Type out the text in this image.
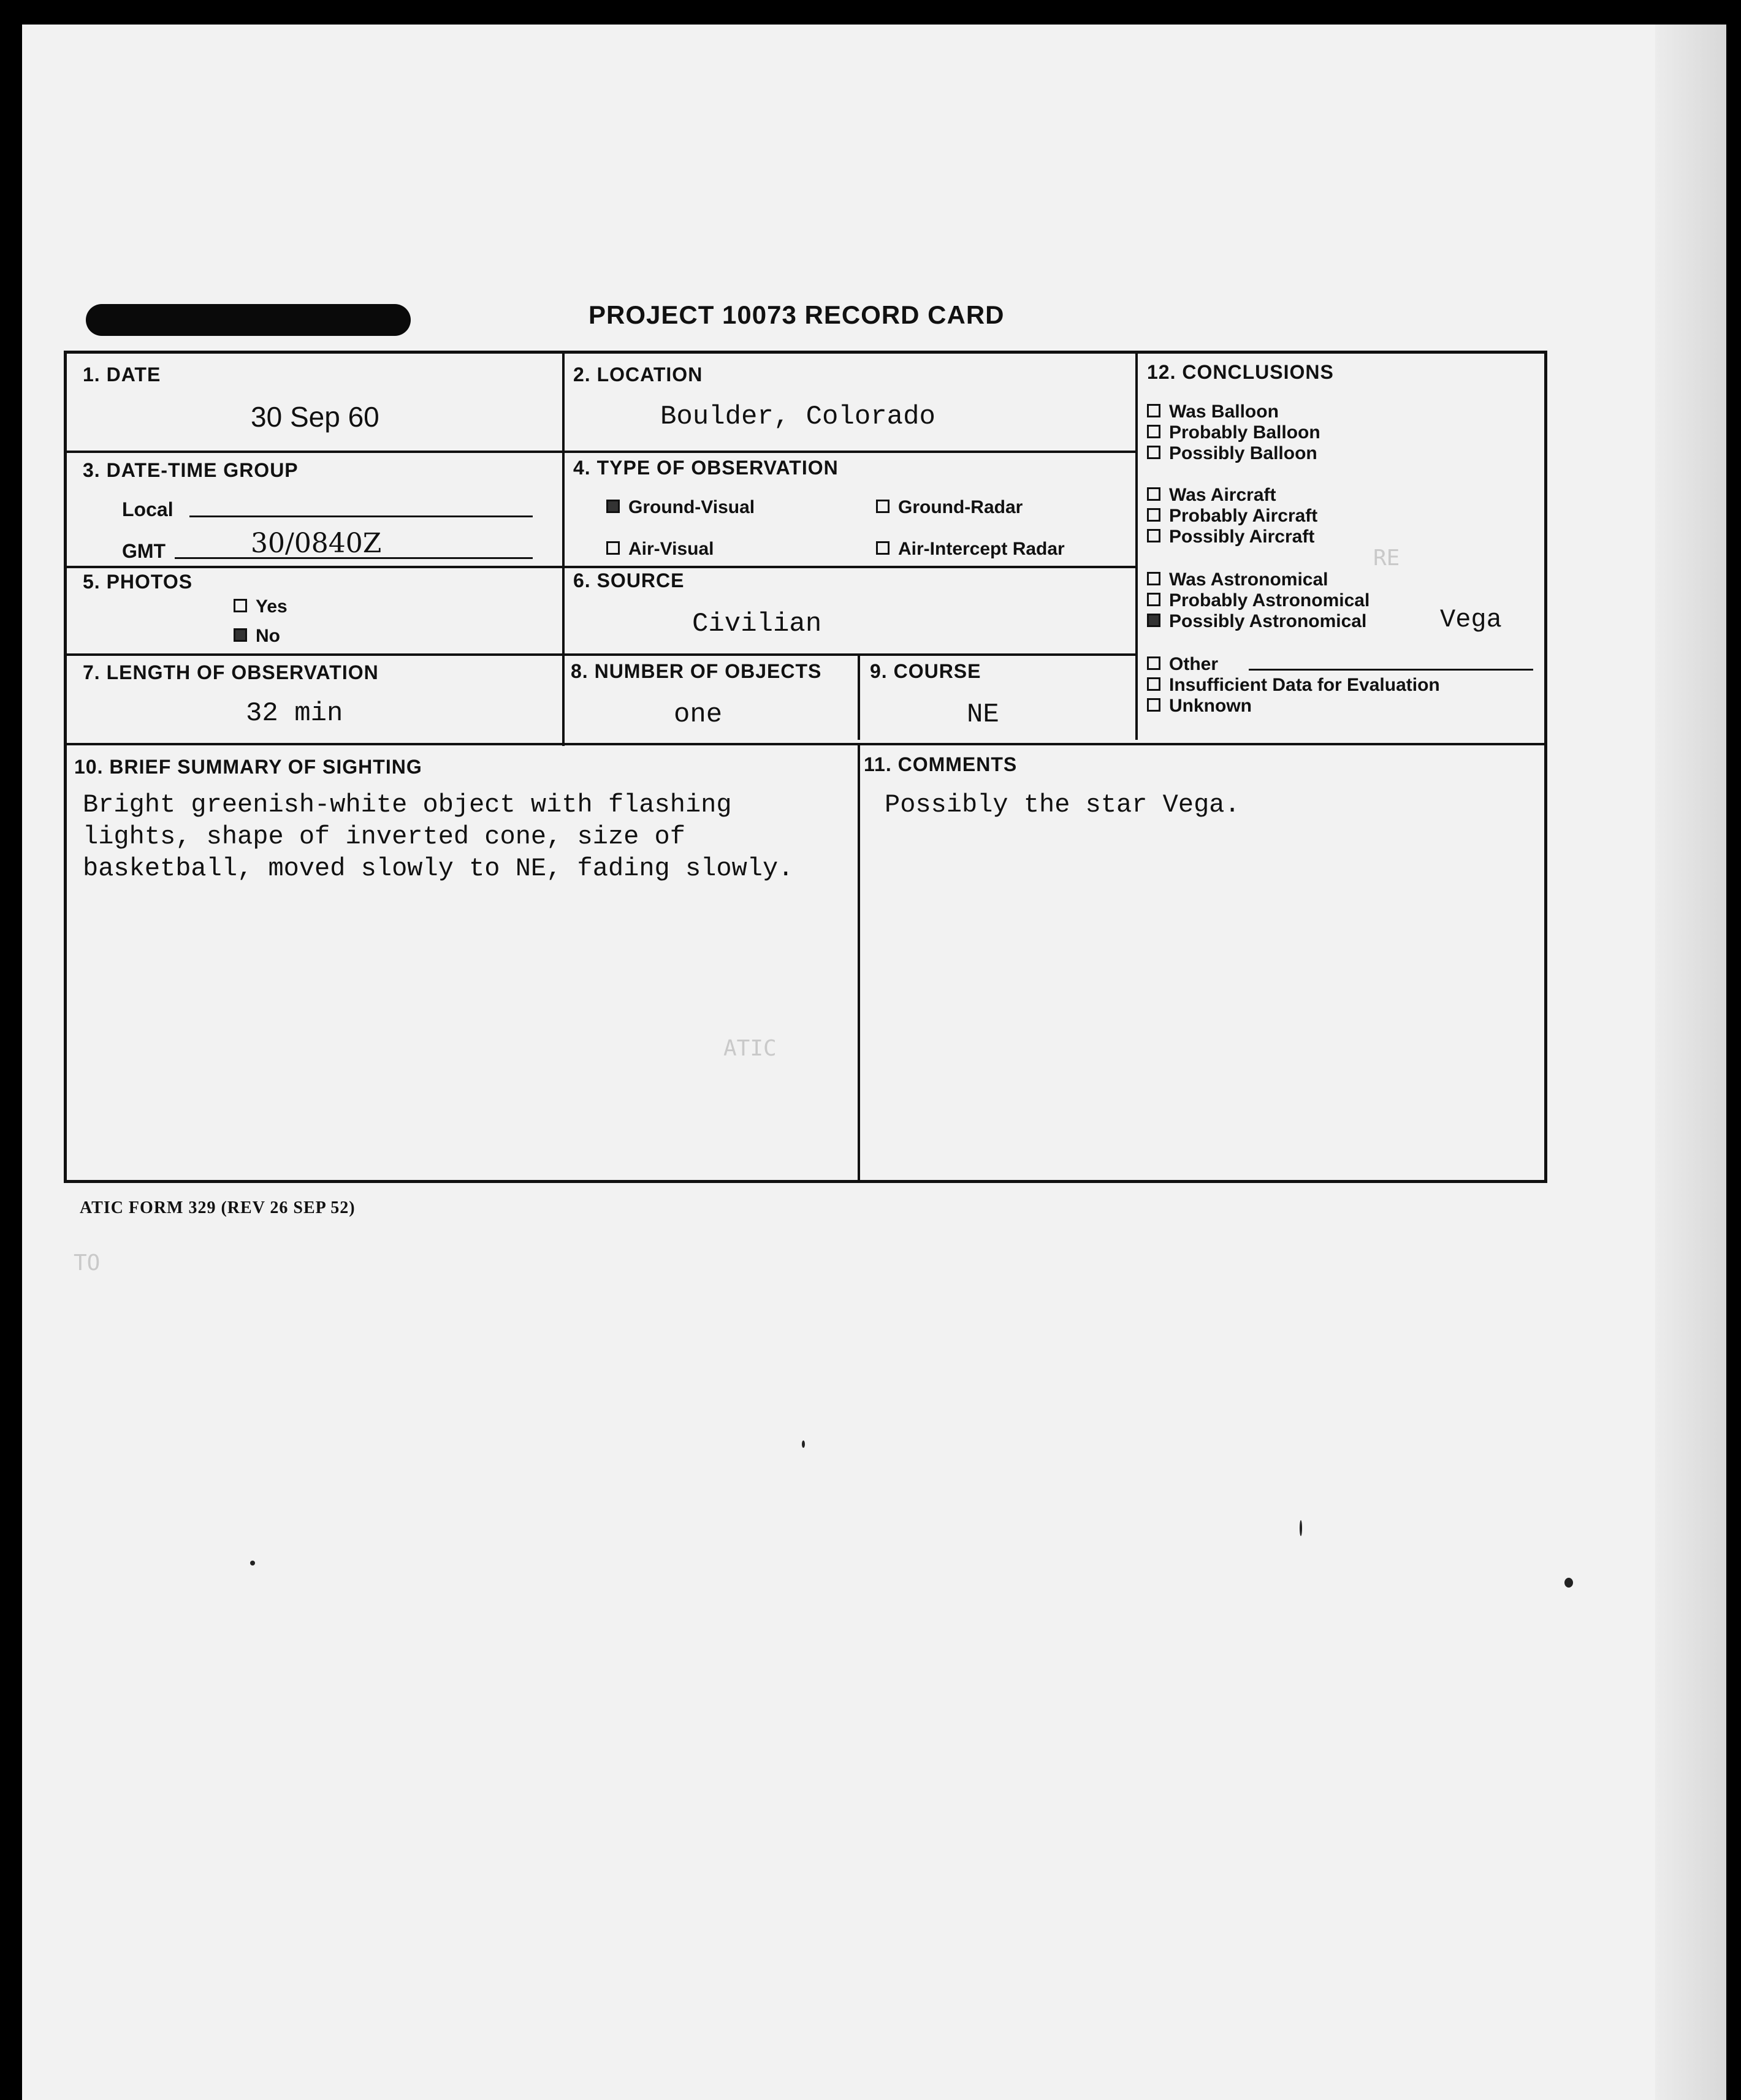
RE
ATIC
TO
PROJECT 10073 RECORD CARD
1. DATE
30 Sep 60
2. LOCATION
Boulder, Colorado
3. DATE-TIME GROUP
Local
GMT	30/0840Z
4. TYPE OF OBSERVATION
Ground-Visual	Ground-Radar
Air-Visual	Air-Intercept Radar
5. PHOTOS
Yes
No
6. SOURCE
Civilian
7. LENGTH OF OBSERVATION
32 min
8. NUMBER OF OBJECTS
one
9. COURSE
NE
12. CONCLUSIONS
Was Balloon
Probably Balloon
Possibly Balloon
Was Aircraft
Probably Aircraft
Possibly Aircraft
Was Astronomical
Probably Astronomical
Possibly Astronomical	Vega
Other
Insufficient Data for Evaluation
Unknown
10. BRIEF SUMMARY OF SIGHTING
Bright greenish-white object with flashing
lights, shape of inverted cone, size of
basketball, moved slowly to NE, fading slowly.
11. COMMENTS
Possibly the star Vega.
ATIC FORM 329 (REV 26 SEP 52)
